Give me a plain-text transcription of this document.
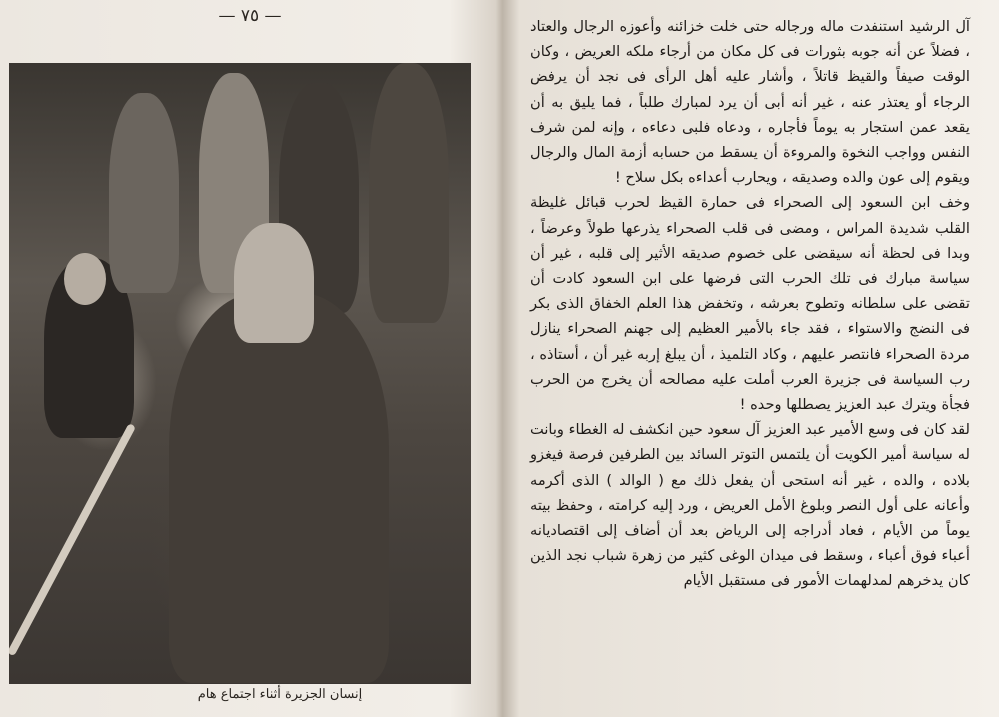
— ٧٥ —
إنسان الجزيرة أثناء اجتماع هام

آل الرشيد استنفدت ماله ورجاله حتى خلت خزائنه وأعوزه الرجال والعتاد ، فضلاً عن أنه جوبه بثورات فى كل مكان من أرجاء ملكه العريض ، وكان الوقت صيفاً والقيظ قاتلاً ، وأشار عليه أهل الرأى فى نجد أن يرفض الرجاء أو يعتذر عنه ، غير أنه أبى أن يرد لمبارك طلباً ، فما يليق به أن يقعد عمن استجار به يوماً فأجاره ، ودعاه فلبى دعاءه ، وإنه لمن شرف النفس وواجب النخوة والمروءة أن يسقط من حسابه أزمة المال والرجال ويقوم إلى عون والده وصديقه ، ويحارب أعداءه بكل سلاح !

وخف ابن السعود إلى الصحراء فى حمارة القيظ لحرب قبائل غليظة القلب شديدة المراس ، ومضى فى قلب الصحراء يذرعها طولاً وعرضاً ، وبدا فى لحظة أنه سيقضى على خصوم صديقه الأثير إلى قلبه ، غير أن سياسة مبارك فى تلك الحرب التى فرضها على ابن السعود كادت أن تقضى على سلطانه وتطوح بعرشه ، وتخفض هذا العلم الخفاق الذى بكر فى النضج والاستواء ، فقد جاء بالأمير العظيم إلى جهنم الصحراء ينازل مردة الصحراء فانتصر عليهم ، وكاد التلميذ ، أن يبلغ إربه غير أن ، أستاذه ، رب السياسة فى جزيرة العرب أملت عليه مصالحه أن يخرج من الحرب فجأة ويترك عبد العزيز يصطلها وحده !

لقد كان فى وسع الأمير عبد العزيز آل سعود حين انكشف له الغطاء وبانت له سياسة أمير الكويت أن يلتمس التوتر السائد بين الطرفين فرصة فيغزو بلاده ، والده ، غير أنه استحى أن يفعل ذلك مع ( الوالد ) الذى أكرمه وأعانه على أول النصر وبلوغ الأمل العريض ، ورد إليه كرامته ، وحفظ بيته يوماً من الأيام ، فعاد أدراجه إلى الرياض بعد أن أضاف إلى اقتصاديانه أعباء فوق أعباء ، وسقط فى ميدان الوغى كثير من زهرة شباب نجد الذين كان يدخرهم لمدلهمات الأمور فى مستقبل الأيام
